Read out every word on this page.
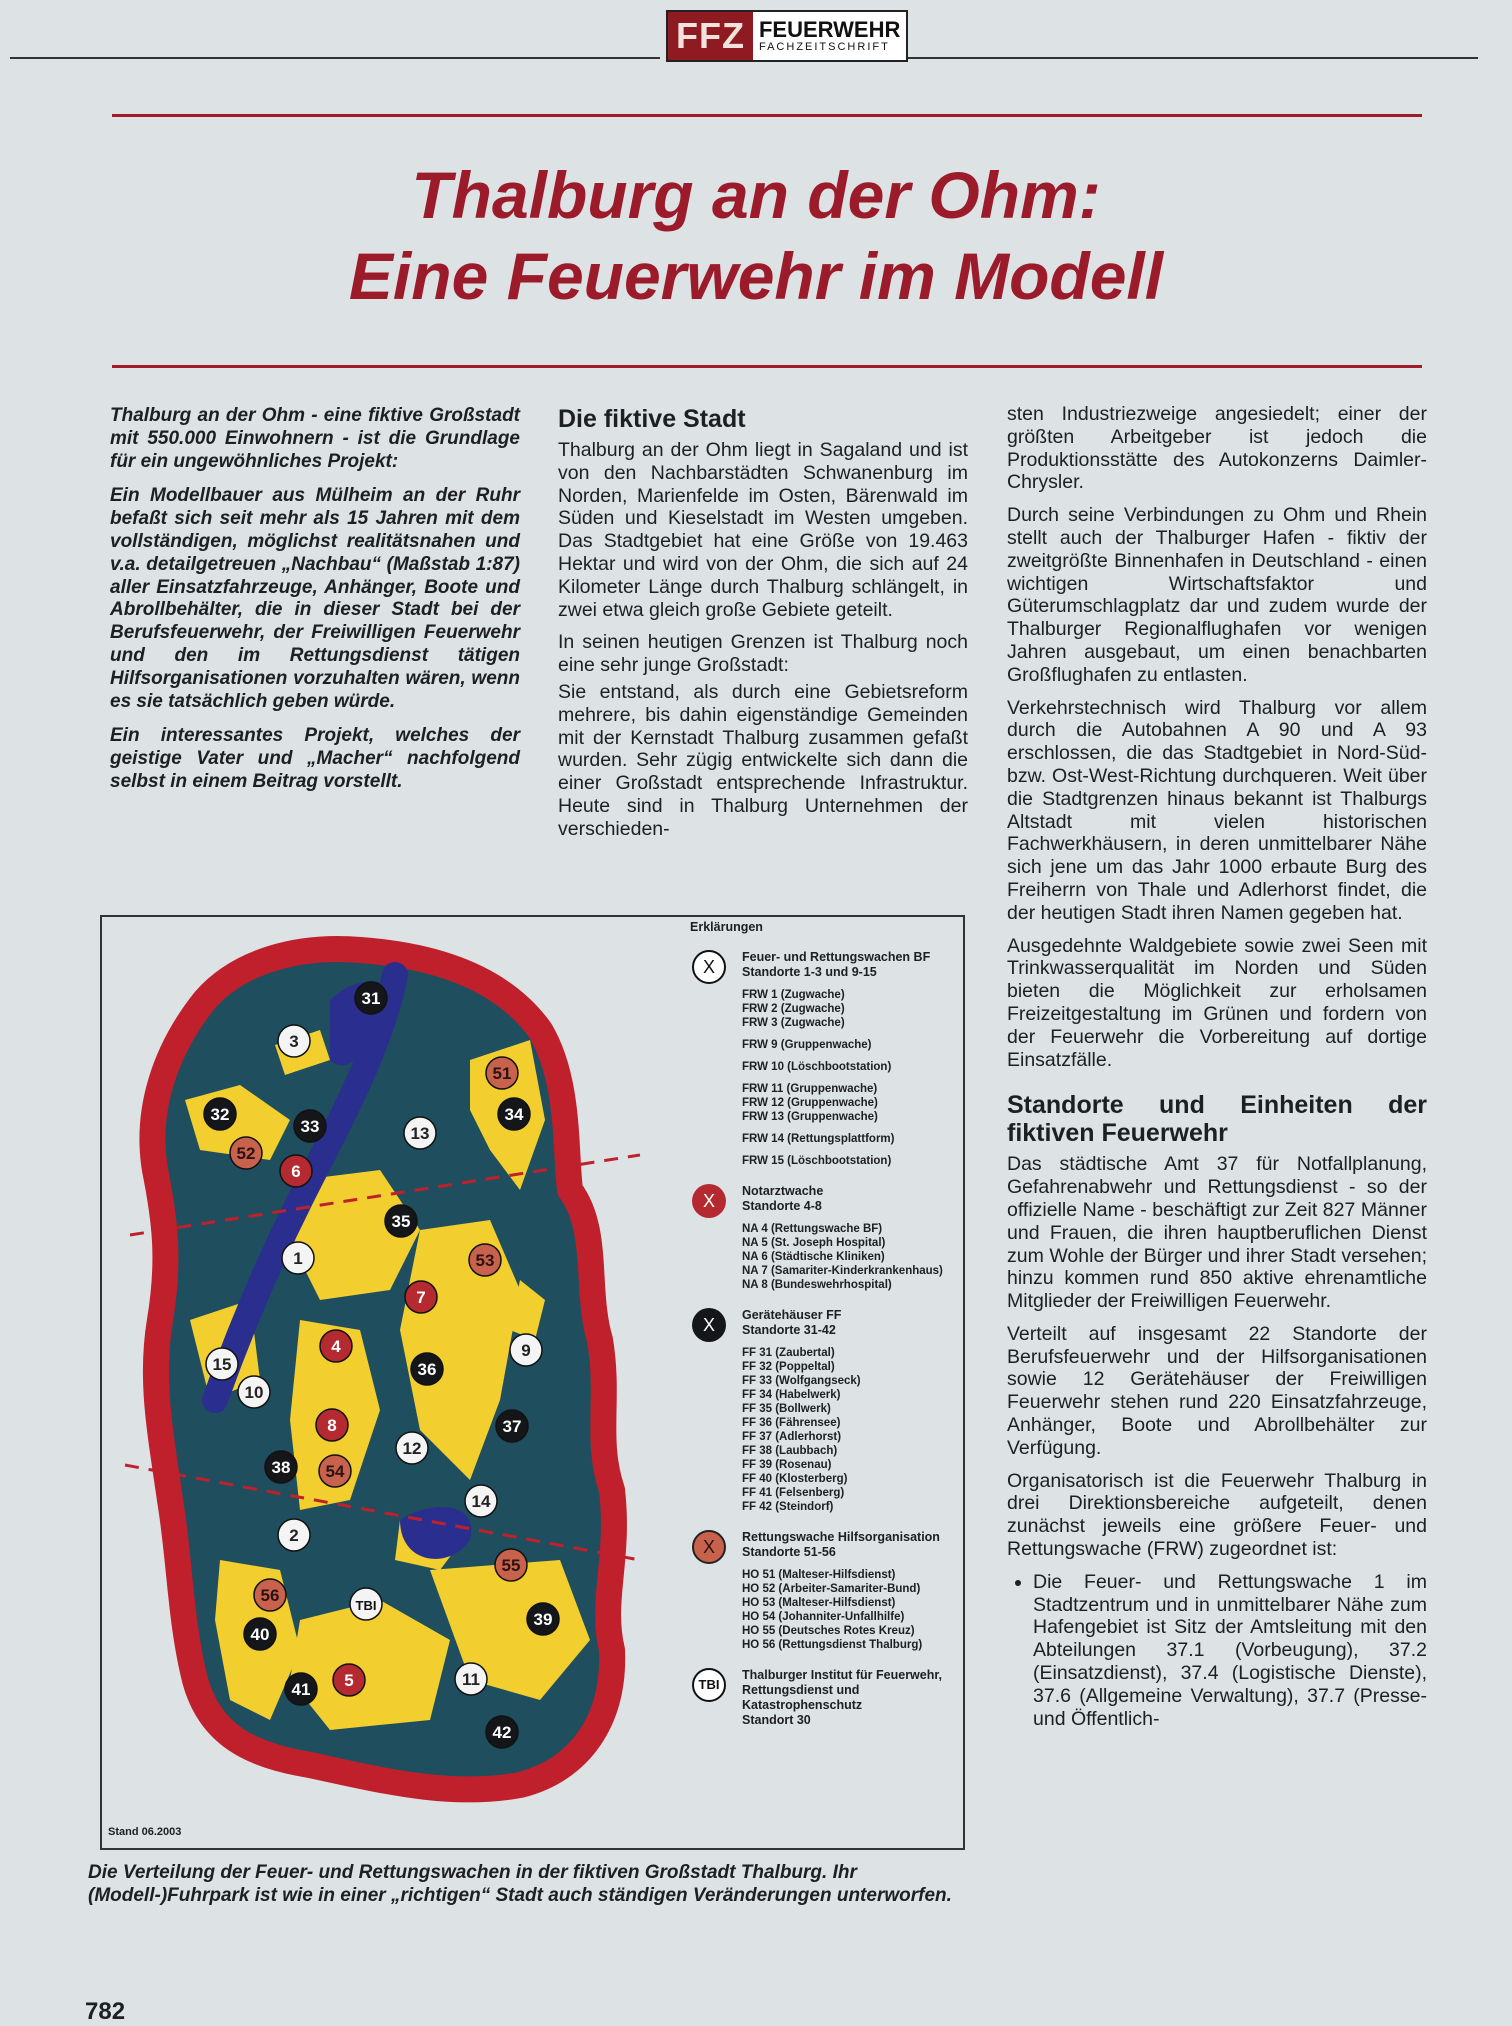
FFZ FEUERWEHR
FACHZEITSCHRIFT
Thalburg an der Ohm:
Eine Feuerwehr im Modell

Thalburg an der Ohm - eine fiktive Großstadt mit 550.000 Einwohnern - ist die Grundlage für ein ungewöhnliches Projekt:

Ein Modellbauer aus Mülheim an der Ruhr befaßt sich seit mehr als 15 Jahren mit dem vollständigen, möglichst realitätsnahen und v.a. detailgetreuen „Nachbau“ (Maßstab 1:87) aller Einsatzfahrzeuge, Anhänger, Boote und Abrollbehälter, die in dieser Stadt bei der Berufsfeuerwehr, der Freiwilligen Feuerwehr und den im Rettungsdienst tätigen Hilfsorganisationen vorzuhalten wären, wenn es sie tatsächlich geben würde.

Ein interessantes Projekt, welches der geistige Vater und „Macher“ nachfolgend selbst in einem Beitrag vorstellt.

Die fiktive Stadt

Thalburg an der Ohm liegt in Sagaland und ist von den Nachbarstädten Schwanenburg im Norden, Marienfelde im Osten, Bärenwald im Süden und Kieselstadt im Westen umgeben. Das Stadtgebiet hat eine Größe von 19.463 Hektar und wird von der Ohm, die sich auf 24 Kilometer Länge durch Thalburg schlängelt, in zwei etwa gleich große Gebiete geteilt.

In seinen heutigen Grenzen ist Thalburg noch eine sehr junge Großstadt:

Sie entstand, als durch eine Gebietsreform mehrere, bis dahin eigenständige Gemeinden mit der Kernstadt Thalburg zusammen gefaßt wurden. Sehr zügig entwickelte sich dann die einer Großstadt entsprechende Infrastruktur. Heute sind in Thalburg Unternehmen der verschieden-

sten Industriezweige angesiedelt; einer der größten Arbeitgeber ist jedoch die Produktionsstätte des Autokonzerns Daimler-Chrysler.

Durch seine Verbindungen zu Ohm und Rhein stellt auch der Thalburger Hafen - fiktiv der zweitgrößte Binnenhafen in Deutschland - einen wichtigen Wirtschaftsfaktor und Güterumschlagplatz dar und zudem wurde der Thalburger Regionalflughafen vor wenigen Jahren ausgebaut, um einen benachbarten Großflughafen zu entlasten.

Verkehrstechnisch wird Thalburg vor allem durch die Autobahnen A 90 und A 93 erschlossen, die das Stadtgebiet in Nord-Süd- bzw. Ost-West-Richtung durchqueren. Weit über die Stadtgrenzen hinaus bekannt ist Thalburgs Altstadt mit vielen historischen Fachwerkhäusern, in deren unmittelbarer Nähe sich jene um das Jahr 1000 erbaute Burg des Freiherrn von Thale und Adlerhorst findet, die der heutigen Stadt ihren Namen gegeben hat.

Ausgedehnte Waldgebiete sowie zwei Seen mit Trinkwasserqualität im Norden und Süden bieten die Möglichkeit zur erholsamen Freizeitgestaltung im Grünen und fordern von der Feuerwehr die Vorbereitung auf dortige Einsatzfälle.

Standorte und Einheiten der fiktiven Feuerwehr

Das städtische Amt 37 für Notfallplanung, Gefahrenabwehr und Rettungsdienst - so der offizielle Name - beschäftigt zur Zeit 827 Männer und Frauen, die ihren hauptberuflichen Dienst zum Wohle der Bürger und ihrer Stadt versehen; hinzu kommen rund 850 aktive ehrenamtliche Mitglieder der Freiwilligen Feuerwehr.

Verteilt auf insgesamt 22 Standorte der Berufsfeuerwehr und der Hilfsorganisationen sowie 12 Gerätehäuser der Freiwilligen Feuerwehr stehen rund 220 Einsatzfahrzeuge, Anhänger, Boote und Abrollbehälter zur Verfügung.

Organisatorisch ist die Feuerwehr Thalburg in drei Direktionsbereiche aufgeteilt, denen zunächst jeweils eine größere Feuer- und Rettungswache (FRW) zugeordnet ist:

• Die Feuer- und Rettungswache 1 im Stadtzentrum und in unmittelbarer Nähe zum Hafengebiet ist Sitz der Amtsleitung mit den Abteilungen 37.1 (Vorbeugung), 37.2 (Einsatzdienst), 37.4 (Logistische Dienste), 37.6 (Allgemeine Verwaltung), 37.7 (Presse- und Öffentlich-
1
2
3
9
10
11
12
13
14
15
4
5
6
7
8
31
32
33
34
35
36
37
38
39
40
41
42
51
52
53
54
55
56
TBI
Stand 06.2003
Erklärungen
X	Feuer- und Rettungswachen BF
Standorte 1-3 und 9-15
FRW 1 (Zugwache)
FRW 2 (Zugwache)
FRW 3 (Zugwache)
FRW 9 (Gruppenwache)
FRW 10 (Löschbootstation)
FRW 11 (Gruppenwache)
FRW 12 (Gruppenwache)
FRW 13 (Gruppenwache)
FRW 14 (Rettungsplattform)
FRW 15 (Löschbootstation)
X	Notarztwache
Standorte 4-8
NA 4 (Rettungswache BF)
NA 5 (St. Joseph Hospital)
NA 6 (Städtische Kliniken)
NA 7 (Samariter-Kinderkrankenhaus)
NA 8 (Bundeswehrhospital)
X	Gerätehäuser FF
Standorte 31-42
FF 31 (Zaubertal)
FF 32 (Poppeltal)
FF 33 (Wolfgangseck)
FF 34 (Habelwerk)
FF 35 (Bollwerk)
FF 36 (Fährensee)
FF 37 (Adlerhorst)
FF 38 (Laubbach)
FF 39 (Rosenau)
FF 40 (Klosterberg)
FF 41 (Felsenberg)
FF 42 (Steindorf)
X	Rettungswache Hilfsorganisation
Standorte 51-56
HO 51 (Malteser-Hilfsdienst)
HO 52 (Arbeiter-Samariter-Bund)
HO 53 (Malteser-Hilfsdienst)
HO 54 (Johanniter-Unfallhilfe)
HO 55 (Deutsches Rotes Kreuz)
HO 56 (Rettungsdienst Thalburg)
TBI
Thalburger Institut für Feuerwehr, Rettungsdienst und Katastrophenschutz
Standort 30
Die Verteilung der Feuer- und Rettungswachen in der fiktiven Großstadt Thalburg. Ihr (Modell-)Fuhrpark ist wie in einer „richtigen“ Stadt auch ständigen Veränderungen unterworfen.
782
